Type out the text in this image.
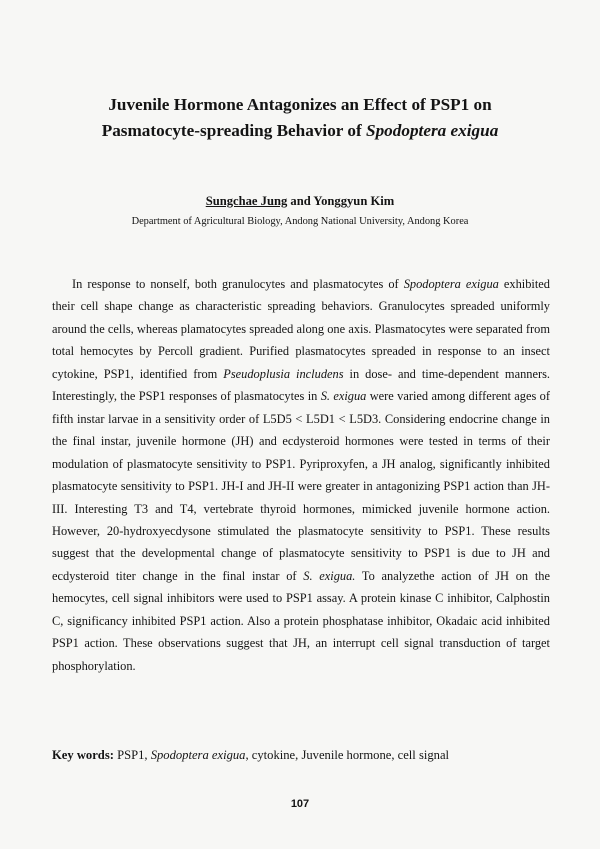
Juvenile Hormone Antagonizes an Effect of PSP1 on
Pasmatocyte-spreading Behavior of Spodoptera exigua
Sungchae Jung and Yonggyun Kim
Department of Agricultural Biology, Andong National University, Andong Korea

In response to nonself, both granulocytes and plasmatocytes of Spodoptera exigua exhibited their cell shape change as characteristic spreading behaviors. Granulocytes spreaded uniformly around the cells, whereas plamatocytes spreaded along one axis. Plasmatocytes were separated from total hemocytes by Percoll gradient. Purified plasmatocytes spreaded in response to an insect cytokine, PSP1, identified from Pseudoplusia includens in dose- and time-dependent manners. Interestingly, the PSP1 responses of plasmatocytes in S. exigua were varied among different ages of fifth instar larvae in a sensitivity order of L5D5 < L5D1 < L5D3. Considering endocrine change in the final instar, juvenile hormone (JH) and ecdysteroid hormones were tested in terms of their modulation of plasmatocyte sensitivity to PSP1. Pyriproxyfen, a JH analog, significantly inhibited plasmatocyte sensitivity to PSP1. JH-I and JH-II were greater in antagonizing PSP1 action than JH-III. Interesting T3 and T4, vertebrate thyroid hormones, mimicked juvenile hormone action. However, 20-hydroxyecdysone stimulated the plasmatocyte sensitivity to PSP1. These results suggest that the developmental change of plasmatocyte sensitivity to PSP1 is due to JH and ecdysteroid titer change in the final instar of S. exigua. To analyzethe action of JH on the hemocytes, cell signal inhibitors were used to PSP1 assay. A protein kinase C inhibitor, Calphostin C, significancy inhibited PSP1 action. Also a protein phosphatase inhibitor, Okadaic acid inhibited PSP1 action. These observations suggest that JH, an interrupt cell signal transduction of target phosphorylation.

Key words: PSP1, Spodoptera exigua, cytokine, Juvenile hormone, cell signal
107
